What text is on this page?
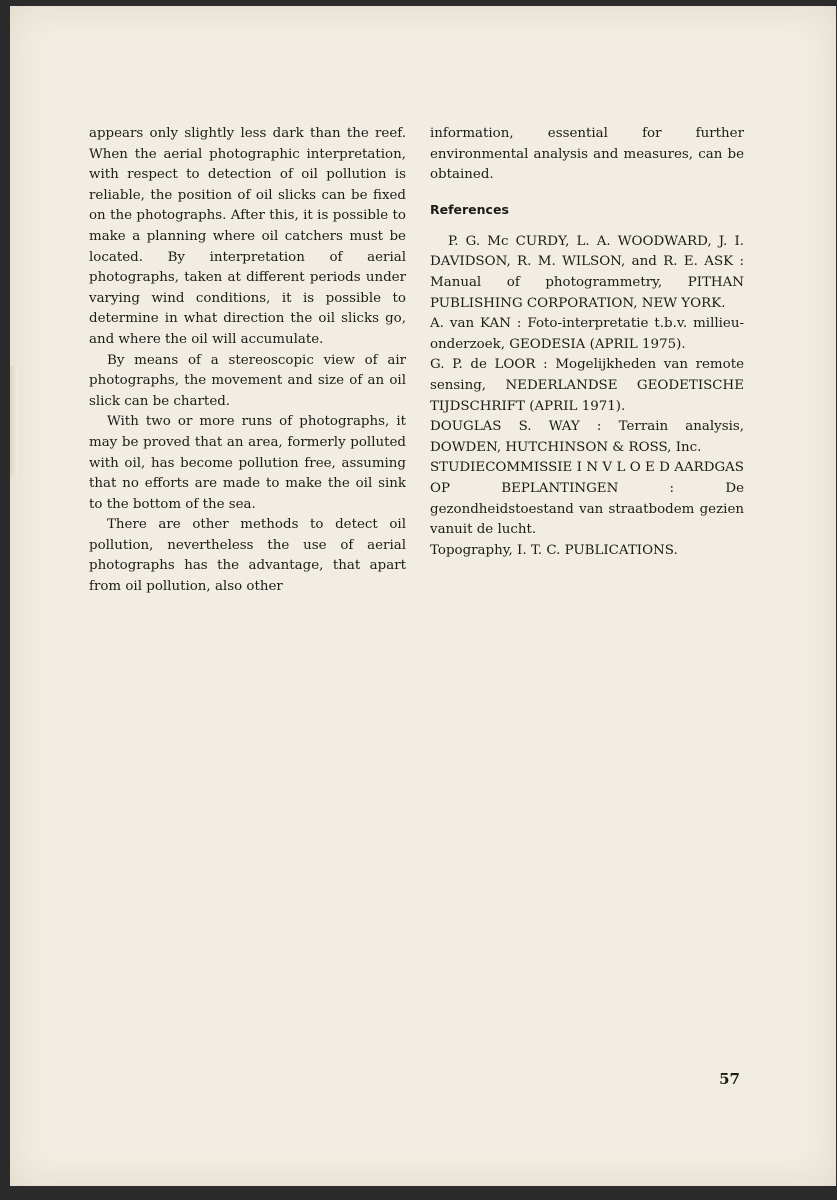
appears only slightly less dark than the reef. When the aerial photographic interpretation, with respect to detection of oil pollution is reliable, the position of oil slicks can be fixed on the photographs. After this, it is possible to make a planning where oil catchers must be located. By interpretation of aerial photographs, taken at different periods under varying wind conditions, it is possible to determine in what direction the oil slicks go, and where the oil will accumulate.

By means of a stereoscopic view of air photographs, the movement and size of an oil slick can be charted.

With two or more runs of photographs, it may be proved that an area, formerly polluted with oil, has become pollution free, assuming that no efforts are made to make the oil sink to the bottom of the sea.

There are other methods to detect oil pollution, nevertheless the use of aerial photographs has the advantage, that apart from oil pollution, also other

information, essential for further environmental analysis and measures, can be obtained.

References

P. G. Mc CURDY, L. A. WOODWARD, J. I. DAVIDSON, R. M. WILSON, and R. E. ASK : Manual of photogrammetry, PITHAN PUBLISHING CORPORATION, NEW YORK.

A. van KAN : Foto-interpretatie t.b.v. millieu-onderzoek, GEODESIA (APRIL 1975).

G. P. de LOOR : Mogelijkheden van remote sensing, NEDERLANDSE GEODETISCHE TIJDSCHRIFT (APRIL 1971).

DOUGLAS S. WAY : Terrain analysis, DOWDEN, HUTCHINSON & ROSS, Inc.

STUDIECOMMISSIE I N V L O E D AARDGAS OP BEPLANTINGEN : De gezondheidstoestand van straatbodem gezien vanuit de lucht.

Topography, I. T. C. PUBLICATIONS.

57
